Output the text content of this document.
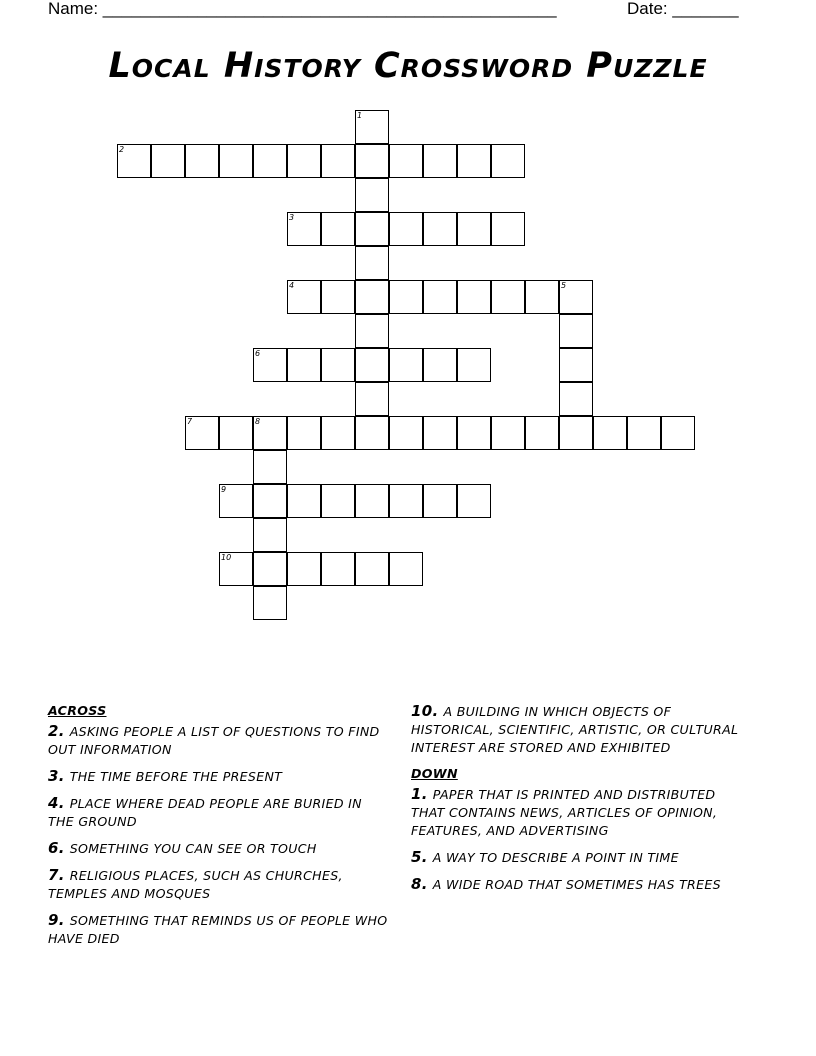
Name: ________________________________________________	Date: _______
Local History Crossword Puzzle
1
2
3
4	5
6
7	8
9
10
ACROSS
2. ASKING PEOPLE A LIST OF QUESTIONS TO FIND OUT INFORMATION
3. THE TIME BEFORE THE PRESENT
4. PLACE WHERE DEAD PEOPLE ARE BURIED IN THE GROUND
6. SOMETHING YOU CAN SEE OR TOUCH
7. RELIGIOUS PLACES, SUCH AS CHURCHES, TEMPLES AND MOSQUES
9. SOMETHING THAT REMINDS US OF PEOPLE WHO HAVE DIED
10. A BUILDING IN WHICH OBJECTS OF HISTORICAL, SCIENTIFIC, ARTISTIC, OR CULTURAL INTEREST ARE STORED AND EXHIBITED
DOWN
1. PAPER THAT IS PRINTED AND DISTRIBUTED THAT CONTAINS NEWS, ARTICLES OF OPINION, FEATURES, AND ADVERTISING
5. A WAY TO DESCRIBE A POINT IN TIME
8. A WIDE ROAD THAT SOMETIMES HAS TREES
